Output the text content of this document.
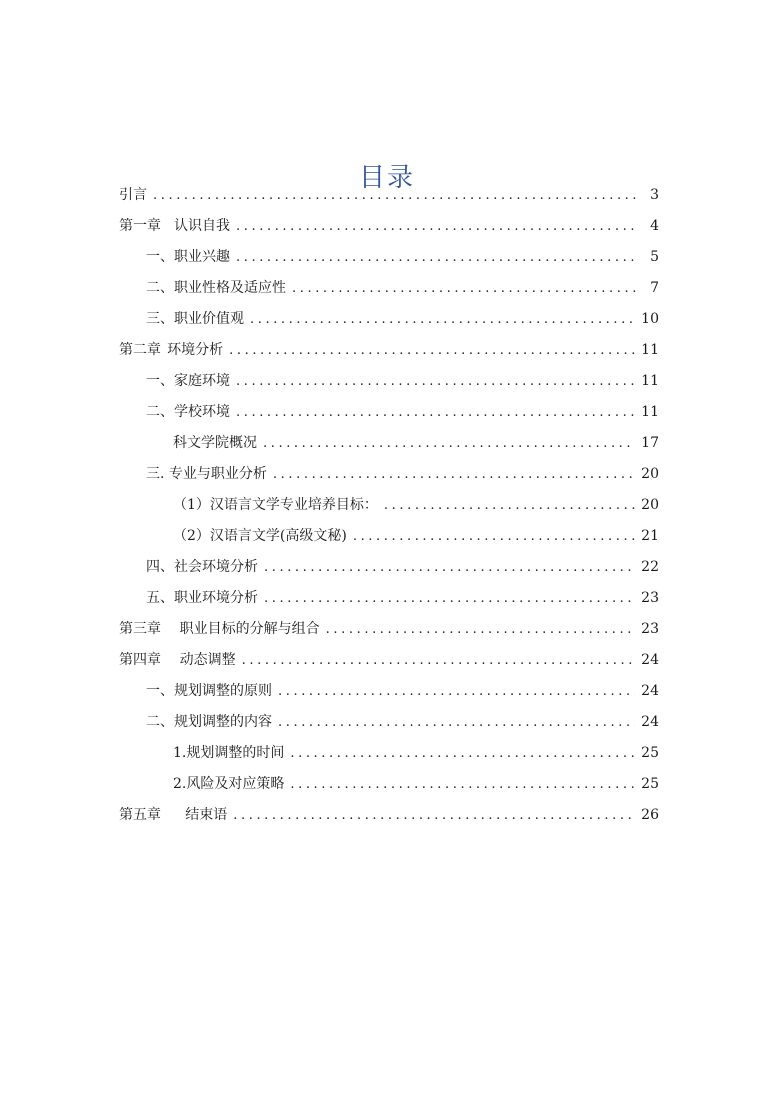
目录
引言 .....	3
第一章 认识自我 .....	4
一、职业兴趣 .....	5
二、职业性格及适应性 .....	7
三、职业价值观 .....	10
第二章 环境分析 .....	11
一、家庭环境 .....	11
二、学校环境 .....	11
科文学院概况 .....	17
三. 专业与职业分析 .....	20
（1）汉语言文学专业培养目标： .....	20
（2）汉语言文学(高级文秘) .....	21
四、社会环境分析 .....	22
五、职业环境分析 .....	23
第三章 职业目标的分解与组合 .....	23
第四章 动态调整 .....	24
一、规划调整的原则 .....	24
二、规划调整的内容 .....	24
1.规划调整的时间 .....	25
2.风险及对应策略 .....	25
第五章 结束语 .....	26
